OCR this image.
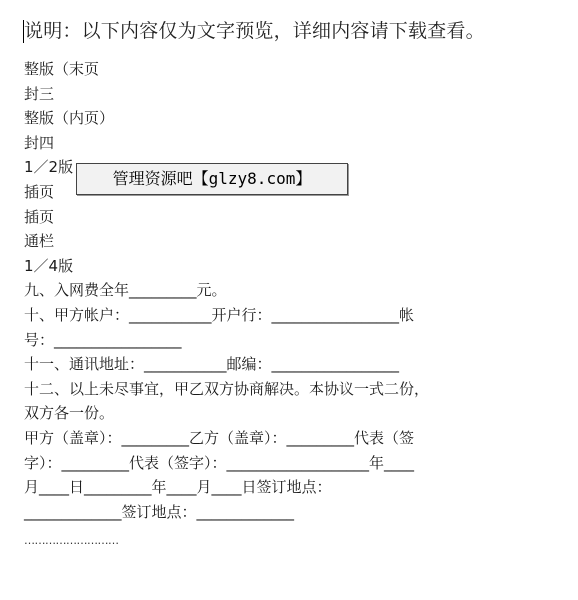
说明：以下内容仅为文字预览，详细内容请下载查看。
整版（末页
封三
整版（内页）
封四
1／2版
插页
插页
通栏
1／4版
九、入网费全年_________元。
十、甲方帐户：___________开户行：_________________帐
号：_________________
十一、通讯地址：___________邮编：_________________
十二、以上未尽事宜，甲乙双方协商解决。本协议一式二份，
双方各一份。
甲方（盖章）：_________乙方（盖章）：_________代表（签
字）：_________代表（签字）：___________________年____
月____日_________年____月____日签订地点：
_____________签订地点：_____________
管理资源吧【glzy8.com】
………………………
